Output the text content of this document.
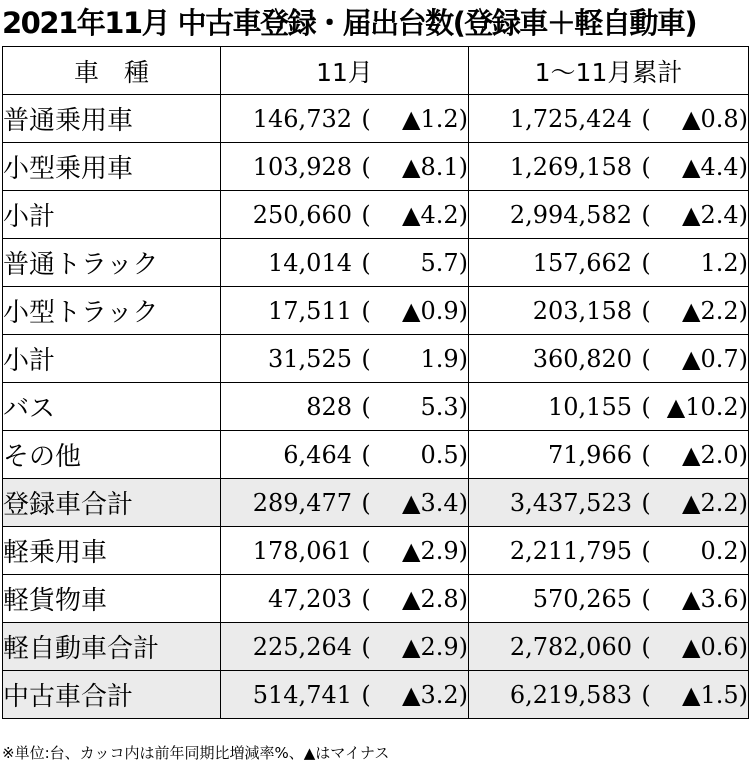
2021年11月 中古車登録・届出台数(登録車＋軽自動車)
車　種	11月	1～11月累計
普通乗用車	146,732 ( ▲1.2)	1,725,424 ( ▲0.8)
小型乗用車	103,928 ( ▲8.1)	1,269,158 ( ▲4.4)
小計	250,660 ( ▲4.2)	2,994,582 ( ▲2.4)
普通トラック	14,014 ( 5.7)	157,662 ( 1.2)
小型トラック	17,511 ( ▲0.9)	203,158 ( ▲2.2)
小計	31,525 ( 1.9)	360,820 ( ▲0.7)
バス	828 ( 5.3)	10,155 ( ▲10.2)
その他	6,464 ( 0.5)	71,966 ( ▲2.0)
登録車合計	289,477 ( ▲3.4)	3,437,523 ( ▲2.2)
軽乗用車	178,061 ( ▲2.9)	2,211,795 ( 0.2)
軽貨物車	47,203 ( ▲2.8)	570,265 ( ▲3.6)
軽自動車合計	225,264 ( ▲2.9)	2,782,060 ( ▲0.6)
中古車合計	514,741 ( ▲3.2)	6,219,583 ( ▲1.5)
※単位:台、カッコ内は前年同期比増減率%、▲はマイナス
